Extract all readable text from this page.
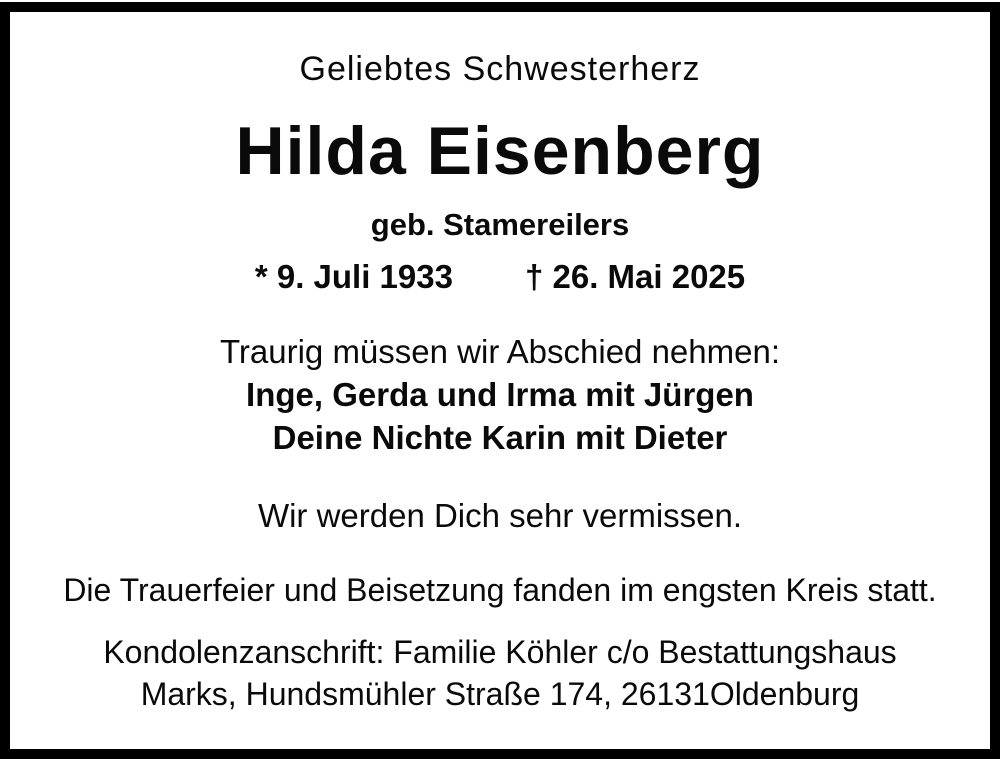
Geliebtes Schwesterherz
Hilda Eisenberg
geb. Stamereilers
* 9. Juli 1933 † 26. Mai 2025
Traurig müssen wir Abschied nehmen:
Inge, Gerda und Irma mit Jürgen
Deine Nichte Karin mit Dieter
Wir werden Dich sehr vermissen.
Die Trauerfeier und Beisetzung fanden im engsten Kreis statt.
Kondolenzanschrift: Familie Köhler c/o Bestattungshaus
Marks, Hundsmühler Straße 174, 26131Oldenburg
